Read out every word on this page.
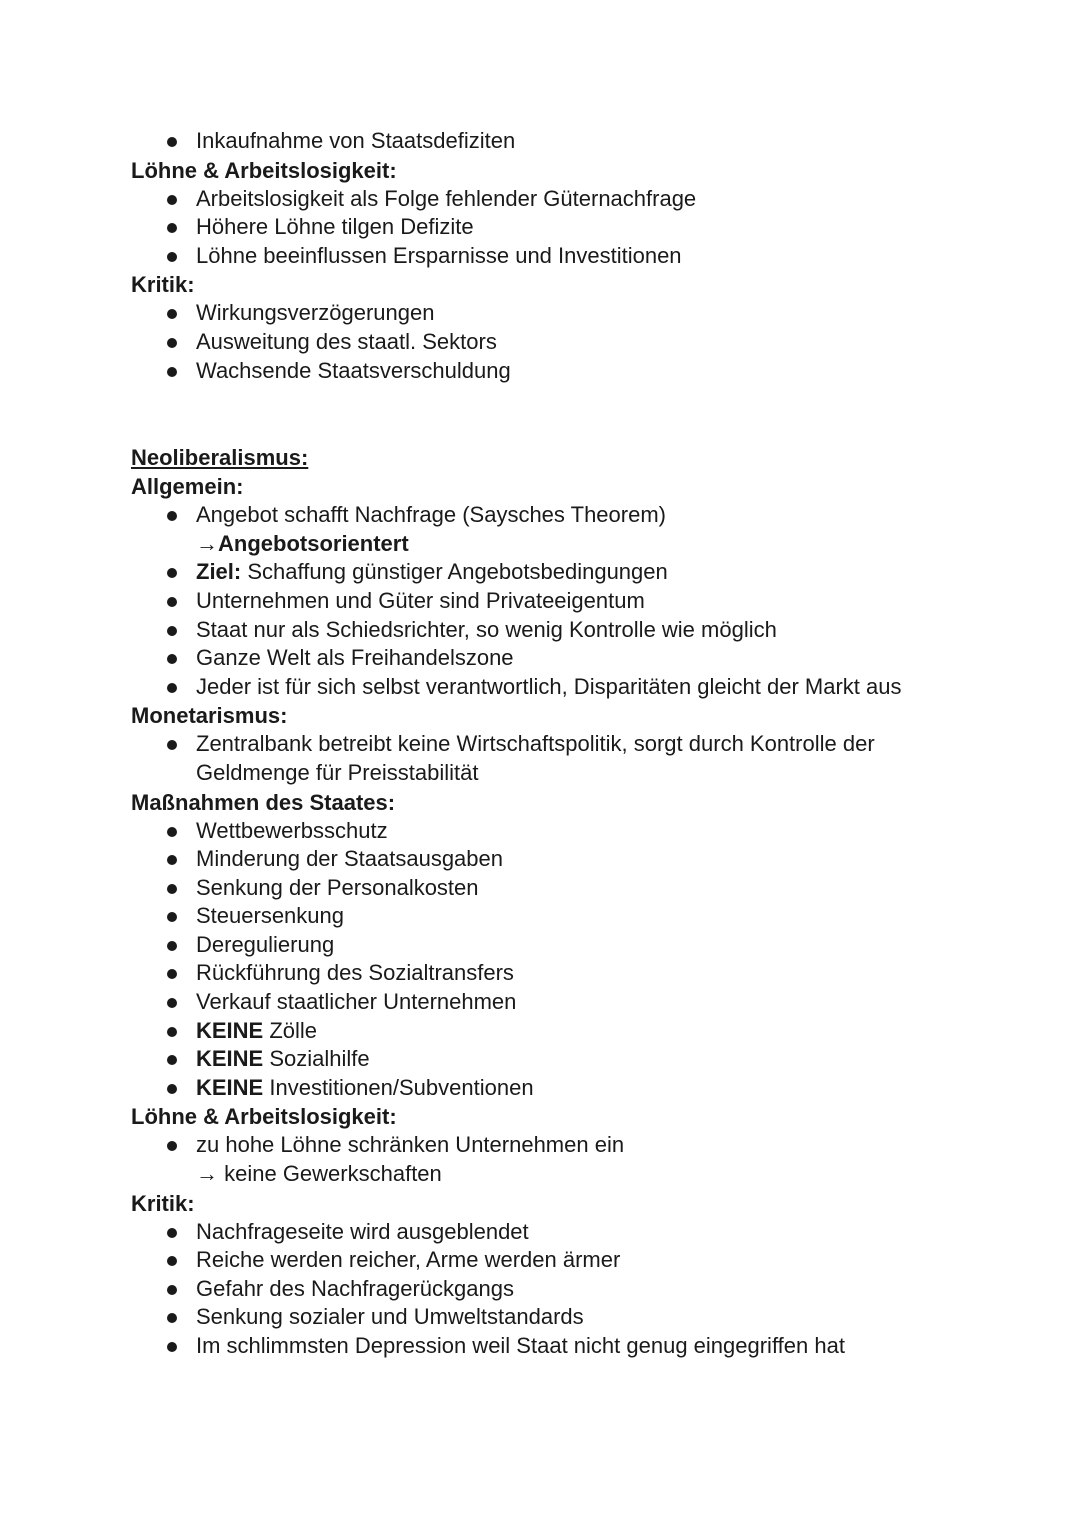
Inkaufnahme von Staatsdefiziten
Löhne & Arbeitslosigkeit:
Arbeitslosigkeit als Folge fehlender Güternachfrage
Höhere Löhne tilgen Defizite
Löhne beeinflussen Ersparnisse und Investitionen
Kritik:
Wirkungsverzögerungen
Ausweitung des staatl. Sektors
Wachsende Staatsverschuldung
Neoliberalismus:
Allgemein:
Angebot schafft Nachfrage (Saysches Theorem)
→Angebotsorientert
Ziel: Schaffung günstiger Angebotsbedingungen
Unternehmen und Güter sind Privateeigentum
Staat nur als Schiedsrichter, so wenig Kontrolle wie möglich
Ganze Welt als Freihandelszone
Jeder ist für sich selbst verantwortlich, Disparitäten gleicht der Markt aus
Monetarismus:
Zentralbank betreibt keine Wirtschaftspolitik, sorgt durch Kontrolle der
Geldmenge für Preisstabilität
Maßnahmen des Staates:
Wettbewerbsschutz
Minderung der Staatsausgaben
Senkung der Personalkosten
Steuersenkung
Deregulierung
Rückführung des Sozialtransfers
Verkauf staatlicher Unternehmen
KEINE Zölle
KEINE Sozialhilfe
KEINE Investitionen/Subventionen
Löhne & Arbeitslosigkeit:
zu hohe Löhne schränken Unternehmen ein
→ keine Gewerkschaften
Kritik:
Nachfrageseite wird ausgeblendet
Reiche werden reicher, Arme werden ärmer
Gefahr des Nachfragerückgangs
Senkung sozialer und Umweltstandards
Im schlimmsten Depression weil Staat nicht genug eingegriffen hat
